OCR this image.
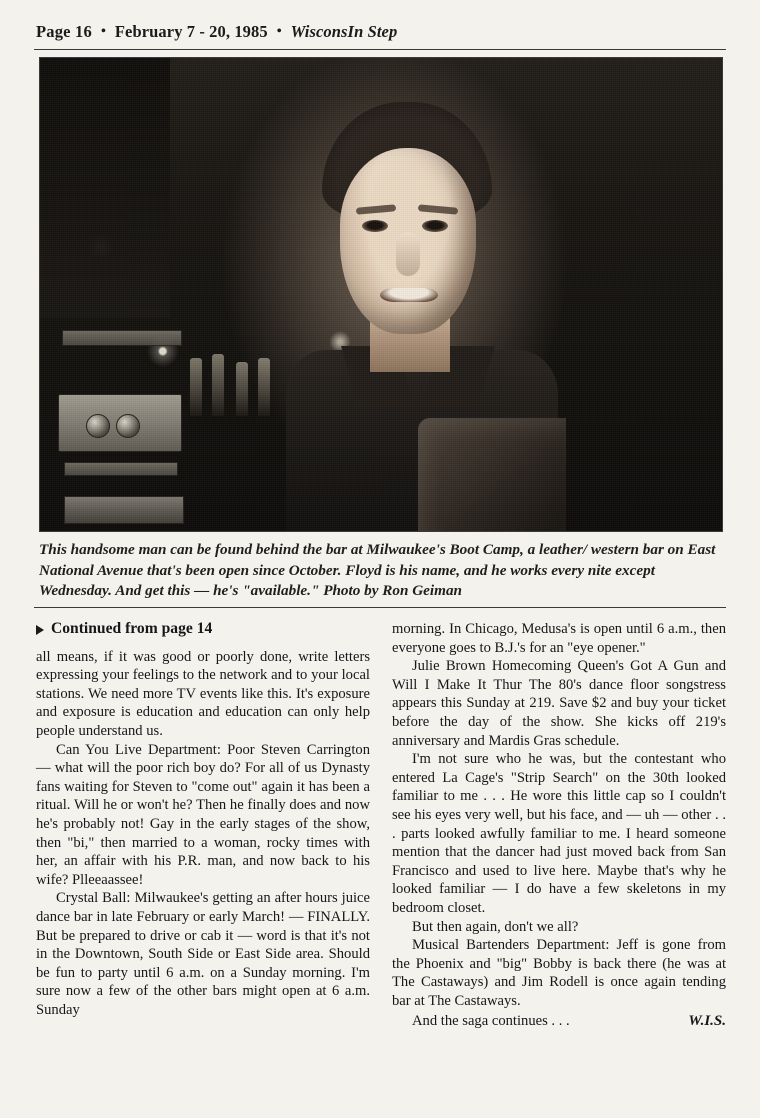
Page 16 • February 7 - 20, 1985 • WisconsIn Step
This handsome man can be found behind the bar at Milwaukee's Boot Camp, a leather/ western bar on East National Avenue that's been open since October. Floyd is his name, and he works every nite except Wednesday. And get this — he's "available." Photo by Ron Geiman
Continued from page 14

all means, if it was good or poorly done, write letters expressing your feelings to the network and to your local stations. We need more TV events like this. It's exposure and exposure is education and education can only help people understand us.

Can You Live Department: Poor Steven Carrington — what will the poor rich boy do? For all of us Dynasty fans waiting for Steven to "come out" again it has been a ritual. Will he or won't he? Then he finally does and now he's probably not! Gay in the early stages of the show, then "bi," then married to a woman, rocky times with her, an affair with his P.R. man, and now back to his wife? Plleeaassee!

Crystal Ball: Milwaukee's getting an after hours juice dance bar in late February or early March! — FINALLY. But be prepared to drive or cab it — word is that it's not in the Downtown, South Side or East Side area. Should be fun to party until 6 a.m. on a Sunday morning. I'm sure now a few of the other bars might open at 6 a.m. Sunday

morning. In Chicago, Medusa's is open until 6 a.m., then everyone goes to B.J.'s for an "eye opener."

Julie Brown Homecoming Queen's Got A Gun and Will I Make It Thur The 80's dance floor songstress appears this Sunday at 219. Save $2 and buy your ticket before the day of the show. She kicks off 219's anniversary and Mardis Gras schedule.

I'm not sure who he was, but the contestant who entered La Cage's "Strip Search" on the 30th looked familiar to me . . . He wore this little cap so I couldn't see his eyes very well, but his face, and — uh — other . . . parts looked awfully familiar to me. I heard someone mention that the dancer had just moved back from San Francisco and used to live here. Maybe that's why he looked familiar — I do have a few skeletons in my bedroom closet.

But then again, don't we all?

Musical Bartenders Department: Jeff is gone from the Phoenix and "big" Bobby is back there (he was at The Castaways) and Jim Rodell is once again tending bar at The Castaways.

And the saga continues . . .	W.I.S.
